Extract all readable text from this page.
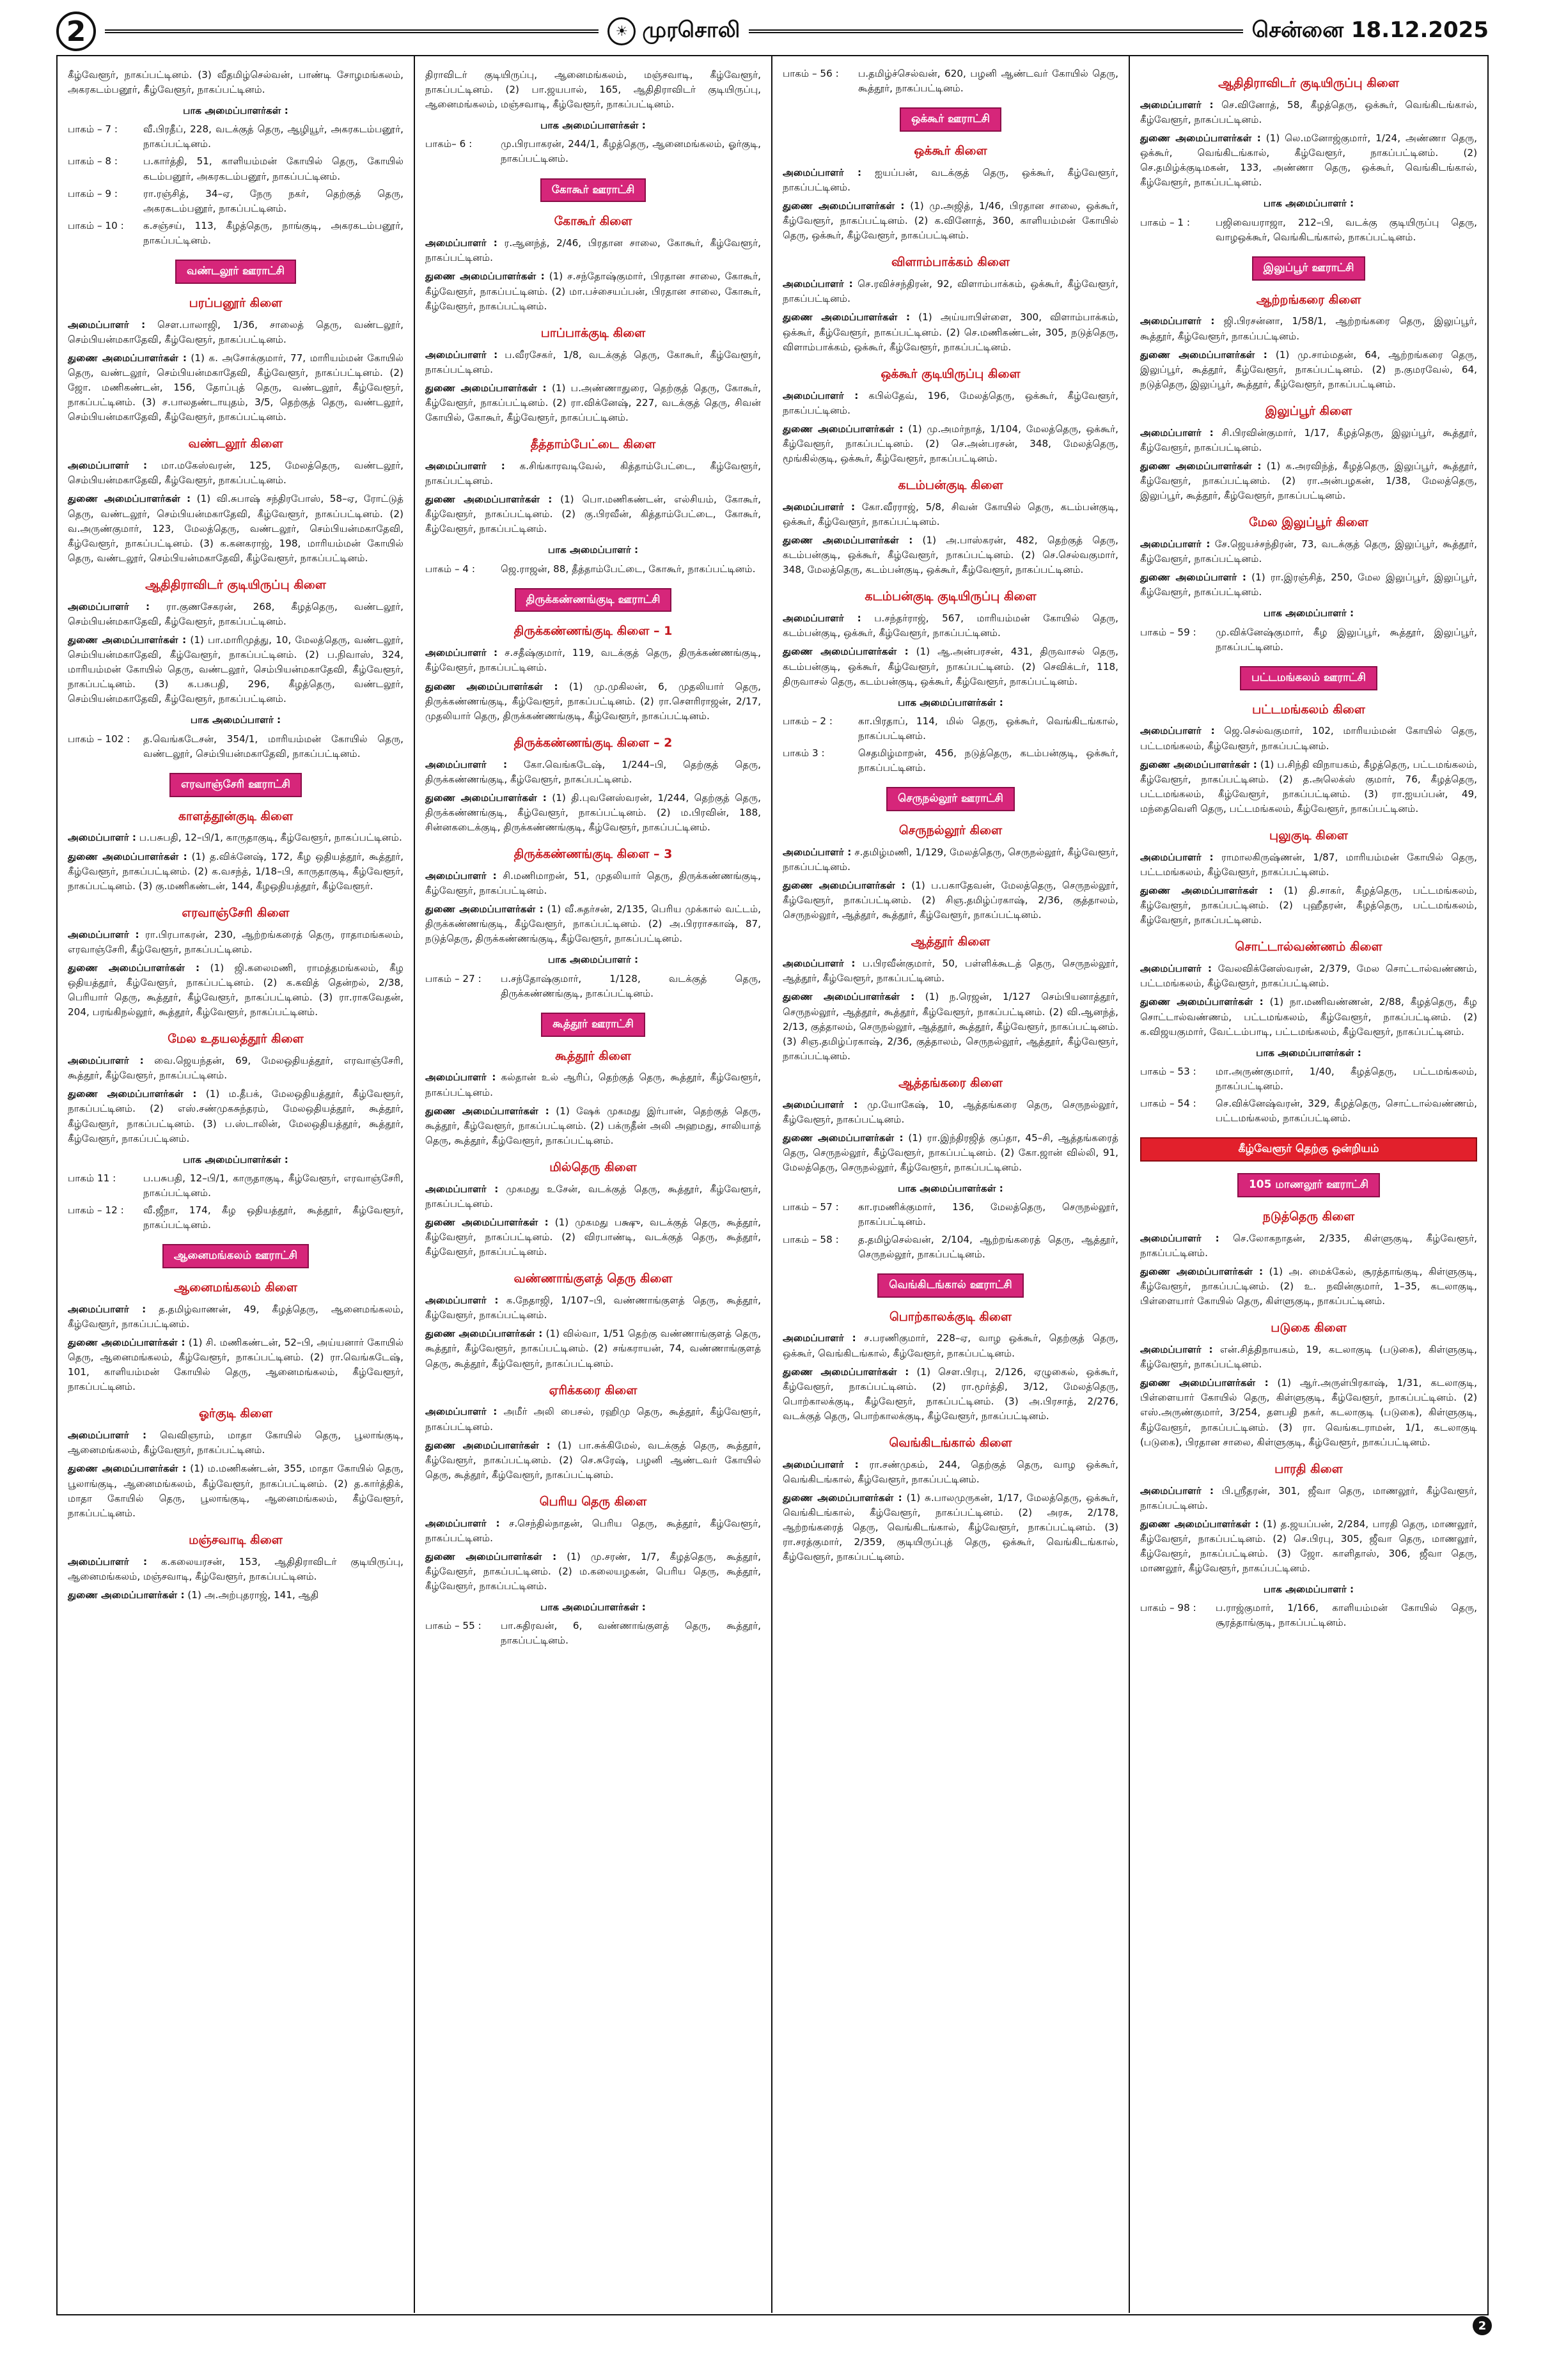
2	☀ முரசொலி	சென்னை 18.12.2025
கீழ்வேளூர், நாகப்பட்டினம். (3) வீதமிழ்செல்வன், பாண்டி சோழமங்கலம், அகரகடம்பனூர், கீழ்வேளூர், நாகப்பட்டினம்.
பாக அமைப்பாளர்கள் :
பாகம் – 7 :	வீ.பிரதீப், 228, வடக்குத் தெரு, ஆழியூர், அகரகடம்பனூர், நாகப்பட்டினம்.
பாகம் – 8 :	ப.கார்த்தி, 51, காளியம்மன் கோயில் தெரு, கோயில் கடம்பனூர், அகரகடம்பனூர், நாகப்பட்டினம்.
பாகம் – 9 :	ரா.ரஞ்சித், 34–ஏ, நேரு நகர், தெற்குத் தெரு, அகரகடம்பனூர், நாகப்பட்டினம்.
பாகம் – 10 :	க.சஞ்சய், 113, கீழத்தெரு, நாங்குடி, அகரகடம்பனூர், நாகப்பட்டினம்.
வண்டலூர் ஊராட்சி
பரப்பனூர் கிளை
அமைப்பாளர் : சௌ.பாலாஜி, 1/36, சாலைத் தெரு, வண்டலூர், செம்பியன்மகாதேவி, கீழ்வேளூர், நாகப்பட்டினம்.
துணை அமைப்பாளர்கள் : (1) க. அசோக்குமார், 77, மாரியம்மன் கோயில் தெரு, வண்டலூர், செம்பியன்மகாதேவி, கீழ்வேளூர், நாகப்பட்டினம். (2) ஜோ. மணிகண்டன், 156, தோப்புத் தெரு, வண்டலூர், கீழ்வேளூர், நாகப்பட்டினம். (3) ச.பாலதண்டாயுதம், 3/5, தெற்குத் தெரு, வண்டலூர், செம்பியன்மகாதேவி, கீழ்வேளூர், நாகப்பட்டினம்.
வண்டலூர் கிளை
அமைப்பாளர் : மா.மகேஸ்வரன், 125, மேலத்தெரு, வண்டலூர், செம்பியன்மகாதேவி, கீழ்வேளூர், நாகப்பட்டினம்.
துணை அமைப்பாளர்கள் : (1) வி.சுபாஷ் சந்திரபோஸ், 58–ஏ, ரோட்டுத் தெரு, வண்டலூர், செம்பியன்மகாதேவி, கீழ்வேளூர், நாகப்பட்டினம். (2) வ.அருண்குமார், 123, மேலத்தெரு, வண்டலூர், செம்பியன்மகாதேவி, கீழ்வேளூர், நாகப்பட்டினம். (3) க.கனகராஜ், 198, மாரியம்மன் கோயில் தெரு, வண்டலூர், செம்பியன்மகாதேவி, கீழ்வேளூர், நாகப்பட்டினம்.
ஆதிதிராவிடர் குடியிருப்பு கிளை
அமைப்பாளர் : ரா.குணசேகரன், 268, கீழத்தெரு, வண்டலூர், செம்பியன்மகாதேவி, கீழ்வேளூர், நாகப்பட்டினம்.
துணை அமைப்பாளர்கள் : (1) பா.மாரிமுத்து, 10, மேலத்தெரு, வண்டலூர், செம்பியன்மகாதேவி, கீழ்வேளூர், நாகப்பட்டினம். (2) ப.நிவாஸ், 324, மாரியம்மன் கோயில் தெரு, வண்டலூர், செம்பியன்மகாதேவி, கீழ்வேளூர், நாகப்பட்டினம். (3) க.பசுபதி, 296, கீழத்தெரு, வண்டலூர், செம்பியன்மகாதேவி, கீழ்வேளூர், நாகப்பட்டினம்.
பாக அமைப்பாளர் :
பாகம் – 102 :	த.வெங்கடேசன், 354/1, மாரியம்மன் கோயில் தெரு, வண்டலூர், செம்பியன்மகாதேவி, நாகப்பட்டினம்.
எரவாஞ்சேரி ஊராட்சி
காளத்தூன்குடி கிளை
அமைப்பாளர் : ப.பசுபதி, 12–பி/1, காருதாகுடி, கீழ்வேளூர், நாகப்பட்டினம்.
துணை அமைப்பாளர்கள் : (1) த.விக்னேஷ், 172, கீழ ஒதியத்தூர், கூத்தூர், கீழ்வேளூர், நாகப்பட்டினம். (2) க.வசந்த், 1/18–பி, காருதாகுடி, கீழ்வேளூர், நாகப்பட்டினம். (3) கு.மணிகண்டன், 144, கீழஒதியத்தூர், கீழ்வேளூர்.
எரவாஞ்சேரி கிளை
அமைப்பாளர் : ரா.பிரபாகரன், 230, ஆற்றங்கரைத் தெரு, ராதாமங்கலம், எரவாஞ்சேரி, கீழ்வேளூர், நாகப்பட்டினம்.
துணை அமைப்பாளர்கள் : (1) ஜி.கலைமணி, ராமத்தமங்கலம், கீழ ஒதியத்தூர், கீழ்வேளூர், நாகப்பட்டினம். (2) க.கவித் தென்றல், 2/38, பெரியார் தெரு, கூத்தூர், கீழ்வேளூர், நாகப்பட்டினம். (3) ரா.ராகவேதன், 204, பரங்கிநல்லூர், கூத்தூர், கீழ்வேளூர், நாகப்பட்டினம்.
மேல உதயலத்தூர் கிளை
அமைப்பாளர் : வை.ஜெயந்தன், 69, மேலஒதியத்தூர், எரவாஞ்சேரி, கூத்தூர், கீழ்வேளூர், நாகப்பட்டினம்.
துணை அமைப்பாளர்கள் : (1) ம.தீபக், மேலஒதியத்தூர், கீழ்வேளூர், நாகப்பட்டினம். (2) எஸ்.சண்முகசுந்தரம், மேலஒதியத்தூர், கூத்தூர், கீழ்வேளூர், நாகப்பட்டினம். (3) ப.ஸ்டாலின், மேலஒதியத்தூர், கூத்தூர், கீழ்வேளூர், நாகப்பட்டினம்.
பாக அமைப்பாளர்கள் :
பாகம் 11 :	ப.பசுபதி, 12–பி/1, காருதாகுடி, கீழ்வேளூர், எரவாஞ்சேரி, நாகப்பட்டினம்.
பாகம் – 12 :	வீ.ஜீநா, 174, கீழ ஒதியத்தூர், கூத்தூர், கீழ்வேளூர், நாகப்பட்டினம்.
ஆனைமங்கலம் ஊராட்சி
ஆனைமங்கலம் கிளை
அமைப்பாளர் : த.தமிழ்வாணன், 49, கீழத்தெரு, ஆனைமங்கலம், கீழ்வேளூர், நாகப்பட்டினம்.
துணை அமைப்பாளர்கள் : (1) சி. மணிகண்டன், 52–பி, அய்யனார் கோயில் தெரு, ஆனைமங்கலம், கீழ்வேளூர், நாகப்பட்டினம். (2) ரா.வெங்கடேஷ், 101, காளியம்மன் கோயில் தெரு, ஆனைமங்கலம், கீழ்வேளூர், நாகப்பட்டினம்.
ஓர்குடி கிளை
அமைப்பாளர் : வெவிஞாம், மாதா கோயில் தெரு, பூலாங்குடி, ஆனைமங்கலம், கீழ்வேளூர், நாகப்பட்டினம்.
துணை அமைப்பாளர்கள் : (1) ம.மணிகண்டன், 355, மாதா கோயில் தெரு, பூலாங்குடி, ஆனைமங்கலம், கீழ்வேளூர், நாகப்பட்டினம். (2) த.கார்த்திக், மாதா கோயில் தெரு, பூலாங்குடி, ஆனைமங்கலம், கீழ்வேளூர், நாகப்பட்டினம்.
மஞ்சவாடி கிளை
அமைப்பாளர் : க.கலையரசன், 153, ஆதிதிராவிடர் குடியிருப்பு, ஆனைமங்கலம், மஞ்சவாடி, கீழ்வேளூர், நாகப்பட்டினம்.
துணை அமைப்பாளர்கள் : (1) அ.அற்புதராஜ், 141, ஆதி
திராவிடர் குடியிருப்பு, ஆனைமங்கலம், மஞ்சவாடி, கீழ்வேளூர், நாகப்பட்டினம். (2) பா.ஜயபால், 165, ஆதிதிராவிடர் குடியிருப்பு, ஆனைமங்கலம், மஞ்சவாடி, கீழ்வேளூர், நாகப்பட்டினம்.
பாக அமைப்பாளர்கள் :
பாகம்– 6 :	மு.பிரபாகரன், 244/1, கீழத்தெரு, ஆனைமங்கலம், ஓர்குடி, நாகப்பட்டினம்.
கோகூர் ஊராட்சி
கோகூர் கிளை
அமைப்பாளர் : ர.ஆனந்த், 2/46, பிரதான சாலை, கோகூர், கீழ்வேளூர், நாகப்பட்டினம்.
துணை அமைப்பாளர்கள் : (1) ச.சந்தோஷ்குமார், பிரதான சாலை, கோகூர், கீழ்வேளூர், நாகப்பட்டினம். (2) மா.பச்சையப்பன், பிரதான சாலை, கோகூர், கீழ்வேளூர், நாகப்பட்டினம்.
பாப்பாக்குடி கிளை
அமைப்பாளர் : ப.வீரசேகர், 1/8, வடக்குத் தெரு, கோகூர், கீழ்வேளூர், நாகப்பட்டினம்.
துணை அமைப்பாளர்கள் : (1) ப.அண்ணாதுரை, தெற்குத் தெரு, கோகூர், கீழ்வேளூர், நாகப்பட்டினம். (2) ரா.விக்னேஷ், 227, வடக்குத் தெரு, சிவன் கோயில், கோகூர், கீழ்வேளூர், நாகப்பட்டினம்.
தீத்தாம்பேட்டை கிளை
அமைப்பாளர் : க.சிங்காரவடிவேல், கித்தாம்பேட்டை, கீழ்வேளூர், நாகப்பட்டினம்.
துணை அமைப்பாளர்கள் : (1) பொ.மணிகண்டன், எல்சியம், கோகூர், கீழ்வேளூர், நாகப்பட்டினம். (2) கு.பிரவீன், கித்தாம்பேட்டை, கோகூர், கீழ்வேளூர், நாகப்பட்டினம்.
பாக அமைப்பாளர் :
பாகம் – 4 :	ஜெ.ராஜன், 88, தீத்தாம்பேட்டை, கோகூர், நாகப்பட்டினம்.
திருக்கண்ணங்குடி ஊராட்சி
திருக்கண்ணங்குடி கிளை – 1
அமைப்பாளர் : ச.சதீஷ்குமார், 119, வடக்குத் தெரு, திருக்கண்ணங்குடி, கீழ்வேளூர், நாகப்பட்டினம்.
துணை அமைப்பாளர்கள் : (1) மு.முகிலன், 6, முதலியார் தெரு, திருக்கண்ணங்குடி, கீழ்வேளூர், நாகப்பட்டினம். (2) ரா.சௌரிராஜன், 2/17, முதலியார் தெரு, திருக்கண்ணங்குடி, கீழ்வேளூர், நாகப்பட்டினம்.
திருக்கண்ணங்குடி கிளை – 2
அமைப்பாளர் : கோ.வெங்கடேஷ், 1/244–பி, தெற்குத் தெரு, திருக்கண்ணங்குடி, கீழ்வேளூர், நாகப்பட்டினம்.
துணை அமைப்பாளர்கள் : (1) தி.புவனேஸ்வரன், 1/244, தெற்குத் தெரு, திருக்கண்ணங்குடி, கீழ்வேளூர், நாகப்பட்டினம். (2) ம.பிரவின், 188, சின்னகடைக்குடி, திருக்கண்ணங்குடி, கீழ்வேளூர், நாகப்பட்டினம்.
திருக்கண்ணங்குடி கிளை – 3
அமைப்பாளர் : சி.மணிமாறன், 51, முதலியார் தெரு, திருக்கண்ணங்குடி, கீழ்வேளூர், நாகப்பட்டினம்.
துணை அமைப்பாளர்கள் : (1) வீ.சுதர்சன், 2/135, பெரிய முக்கால் வட்டம், திருக்கண்ணங்குடி, கீழ்வேளூர், நாகப்பட்டினம். (2) அ.பிரராசகாஷ், 87, நடுத்தெரு, திருக்கண்ணங்குடி, கீழ்வேளூர், நாகப்பட்டினம்.
பாக அமைப்பாளர் :
பாகம் – 27 :	ப.சந்தோஷ்குமார், 1/128, வடக்குத் தெரு, திருக்கண்ணங்குடி, நாகப்பட்டினம்.
கூத்தூர் ஊராட்சி
கூத்தூர் கிளை
அமைப்பாளர் : கல்தான் உல் ஆரிப், தெற்குத் தெரு, கூத்தூர், கீழ்வேளூர், நாகப்பட்டினம்.
துணை அமைப்பாளர்கள் : (1) ஷேக் முகமது இர்பான், தெற்குத் தெரு, கூத்தூர், கீழ்வேளூர், நாகப்பட்டினம். (2) பக்ருதீன் அலி அஹமது, சாலியாத் தெரு, கூத்தூர், கீழ்வேளூர், நாகப்பட்டினம்.
மில்தெரு கிளை
அமைப்பாளர் : முகமது உசேன், வடக்குத் தெரு, கூத்தூர், கீழ்வேளூர், நாகப்பட்டினம்.
துணை அமைப்பாளர்கள் : (1) முகமது பக்ஷு, வடக்குத் தெரு, கூத்தூர், கீழ்வேளூர், நாகப்பட்டினம். (2) விரபாண்டி, வடக்குத் தெரு, கூத்தூர், கீழ்வேளூர், நாகப்பட்டினம்.
வண்ணாங்குளத் தெரு கிளை
அமைப்பாளர் : க.நேதாஜி, 1/107–பி, வண்ணாங்குளத் தெரு, கூத்தூர், கீழ்வேளூர், நாகப்பட்டினம்.
துணை அமைப்பாளர்கள் : (1) வில்வா, 1/51 தெற்கு வண்ணாங்குளத் தெரு, கூத்தூர், கீழ்வேளூர், நாகப்பட்டினம். (2) சங்கராயன், 74, வண்ணாங்குளத் தெரு, கூத்தூர், கீழ்வேளூர், நாகப்பட்டினம்.
ஏரிக்கரை கிளை
அமைப்பாளர் : அமீர் அலி பைசல், ரஹிமு தெரு, கூத்தூர், கீழ்வேளூர், நாகப்பட்டினம்.
துணை அமைப்பாளர்கள் : (1) பா.சுக்கிமேல், வடக்குத் தெரு, கூத்தூர், கீழ்வேளூர், நாகப்பட்டினம். (2) செ.சுரேஷ், பழனி ஆண்டவர் கோயில் தெரு, கூத்தூர், கீழ்வேளூர், நாகப்பட்டினம்.
பெரிய தெரு கிளை
அமைப்பாளர் : ச.செந்தில்நாதன், பெரிய தெரு, கூத்தூர், கீழ்வேளூர், நாகப்பட்டினம்.
துணை அமைப்பாளர்கள் : (1) மு.சரண், 1/7, கீழத்தெரு, கூத்தூர், கீழ்வேளூர், நாகப்பட்டினம். (2) ம.கலையழகன், பெரிய தெரு, கூத்தூர், கீழ்வேளூர், நாகப்பட்டினம்.
பாக அமைப்பாளர்கள் :
பாகம் – 55 :	பா.சுதிரவன், 6, வண்ணாங்குளத் தெரு, கூத்தூர், நாகப்பட்டினம்.
பாகம் – 56 :	ப.தமிழ்ச்செல்வன், 620, பழனி ஆண்டவர் கோயில் தெரு, கூத்தூர், நாகப்பட்டினம்.
ஒக்கூர் ஊராட்சி
ஒக்கூர் கிளை
அமைப்பாளர் : ஐயப்பன், வடக்குத் தெரு, ஒக்கூர், கீழ்வேளூர், நாகப்பட்டினம்.
துணை அமைப்பாளர்கள் : (1) மு.அஜித், 1/46, பிரதான சாலை, ஒக்கூர், கீழ்வேளூர், நாகப்பட்டினம். (2) க.வினோத், 360, காளியம்மன் கோயில் தெரு, ஒக்கூர், கீழ்வேளூர், நாகப்பட்டினம்.
விளாம்பாக்கம் கிளை
அமைப்பாளர் : செ.ரவிச்சந்திரன், 92, விளாம்பாக்கம், ஒக்கூர், கீழ்வேளூர், நாகப்பட்டினம்.
துணை அமைப்பாளர்கள் : (1) அய்யாபிள்ளை, 300, விளாம்பாக்கம், ஒக்கூர், கீழ்வேளூர், நாகப்பட்டினம். (2) செ.மணிகண்டன், 305, நடுத்தெரு, விளாம்பாக்கம், ஒக்கூர், கீழ்வேளூர், நாகப்பட்டினம்.
ஒக்கூர் குடியிருப்பு கிளை
அமைப்பாளர் : கபில்தேவ், 196, மேலத்தெரு, ஒக்கூர், கீழ்வேளூர், நாகப்பட்டினம்.
துணை அமைப்பாளர்கள் : (1) மு.அமர்நாத், 1/104, மேலத்தெரு, ஒக்கூர், கீழ்வேளூர், நாகப்பட்டினம். (2) செ.அன்பரசன், 348, மேலத்தெரு, மூங்கில்குடி, ஒக்கூர், கீழ்வேளூர், நாகப்பட்டினம்.
கடம்பன்குடி கிளை
அமைப்பாளர் : கோ.வீரராஜ், 5/8, சிவன் கோயில் தெரு, கடம்பன்குடி, ஒக்கூர், கீழ்வேளூர், நாகப்பட்டினம்.
துணை அமைப்பாளர்கள் : (1) அ.பாஸ்கரன், 482, தெற்குத் தெரு, கடம்பன்குடி, ஒக்கூர், கீழ்வேளூர், நாகப்பட்டினம். (2) செ.செல்வகுமார், 348, மேலத்தெரு, கடம்பன்குடி, ஒக்கூர், கீழ்வேளூர், நாகப்பட்டினம்.
கடம்பன்குடி குடியிருப்பு கிளை
அமைப்பாளர் : ப.சந்தர்ராஜ், 567, மாரியம்மன் கோயில் தெரு, கடம்பன்குடி, ஒக்கூர், கீழ்வேளூர், நாகப்பட்டினம்.
துணை அமைப்பாளர்கள் : (1) ஆ.அன்பரசன், 431, திருவாசல் தெரு, கடம்பன்குடி, ஒக்கூர், கீழ்வேளூர், நாகப்பட்டினம். (2) செவிக்டர், 118, திருவாசல் தெரு, கடம்பன்குடி, ஒக்கூர், கீழ்வேளூர், நாகப்பட்டினம்.
பாக அமைப்பாளர்கள் :
பாகம் – 2 :	கா.பிரதாப், 114, மில் தெரு, ஒக்கூர், வெங்கிடங்கால், நாகப்பட்டினம்.
பாகம் 3 :	செதமிழ்மாறன், 456, நடுத்தெரு, கடம்பன்குடி, ஒக்கூர், நாகப்பட்டினம்.
செருநல்லூர் ஊராட்சி
செருநல்லூர் கிளை
அமைப்பாளர் : ச.தமிழ்மணி, 1/129, மேலத்தெரு, செருநல்லூர், கீழ்வேளூர், நாகப்பட்டினம்.
துணை அமைப்பாளர்கள் : (1) ப.பகாதேவன், மேலத்தெரு, செருநல்லூர், கீழ்வேளூர், நாகப்பட்டினம். (2) சிஞ.தமிழ்ப்ரகாஷ், 2/36, குத்தாலம், செருநல்லூர், ஆத்தூர், கூத்தூர், கீழ்வேளூர், நாகப்பட்டினம்.
ஆத்தூர் கிளை
அமைப்பாளர் : ப.பிரவீன்குமார், 50, பள்ளிக்கூடத் தெரு, செருநல்லூர், ஆத்தூர், கீழ்வேளூர், நாகப்பட்டினம்.
துணை அமைப்பாளர்கள் : (1) ந.ரெஜன், 1/127 செம்பியனாத்தூர், செருநல்லூர், ஆத்தூர், கூத்தூர், கீழ்வேளூர், நாகப்பட்டினம். (2) வி.ஆனந்த், 2/13, குத்தாலம், செருநல்லூர், ஆத்தூர், கூத்தூர், கீழ்வேளூர், நாகப்பட்டினம். (3) சிஞ.தமிழ்ப்ரகாஷ், 2/36, குத்தாலம், செருநல்லூர், ஆத்தூர், கீழ்வேளூர், நாகப்பட்டினம்.
ஆத்தங்கரை கிளை
அமைப்பாளர் : மு.யோகேஷ், 10, ஆத்தங்கரை தெரு, செருநல்லூர், கீழ்வேளூர், நாகப்பட்டினம்.
துணை அமைப்பாளர்கள் : (1) ரா.இந்திரஜித் குப்தா, 45–சி, ஆத்தங்கரைத் தெரு, செருநல்லூர், கீழ்வேளூர், நாகப்பட்டினம். (2) கோ.ஜான் வில்லி, 91, மேலத்தெரு, செருநல்லூர், கீழ்வேளூர், நாகப்பட்டினம்.
பாக அமைப்பாளர்கள் :
பாகம் – 57 :	கா.ரமணிக்குமார், 136, மேலத்தெரு, செருநல்லூர், நாகப்பட்டினம்.
பாகம் – 58 :	த.தமிழ்செல்வன், 2/104, ஆற்றங்கரைத் தெரு, ஆத்தூர், செருநல்லூர், நாகப்பட்டினம்.
வெங்கிடங்கால் ஊராட்சி
பொற்காலக்குடி கிளை
அமைப்பாளர் : ச.பரணிகுமார், 228–ஏ, வாழ ஒக்கூர், தெற்குத் தெரு, ஒக்கூர், வெங்கிடங்கால், கீழ்வேளூர், நாகப்பட்டினம்.
துணை அமைப்பாளர்கள் : (1) சௌ.பிரபு, 2/126, ஏழுகைல், ஒக்கூர், கீழ்வேளூர், நாகப்பட்டினம். (2) ரா.மூர்த்தி, 3/12, மேலத்தெரு, பொற்காலக்குடி, கீழ்வேளூர், நாகப்பட்டினம். (3) அ.பிரசாத், 2/276, வடக்குத் தெரு, பொற்காலக்குடி, கீழ்வேளூர், நாகப்பட்டினம்.
வெங்கிடங்கால் கிளை
அமைப்பாளர் : ரா.சண்முகம், 244, தெற்குத் தெரு, வாழ ஒக்கூர், வெங்கிடங்கால், கீழ்வேளூர், நாகப்பட்டினம்.
துணை அமைப்பாளர்கள் : (1) சு.பாலமுருகன், 1/17, மேலத்தெரு, ஒக்கூர், வெங்கிடங்கால், கீழ்வேளூர், நாகப்பட்டினம். (2) அரசு, 2/178, ஆற்றங்கரைத் தெரு, வெங்கிடங்கால், கீழ்வேளூர், நாகப்பட்டினம். (3) ரா.சரத்குமார், 2/359, குடியிருப்புத் தெரு, ஒக்கூர், வெங்கிடங்கால், கீழ்வேளூர், நாகப்பட்டினம்.
ஆதிதிராவிடர் குடியிருப்பு கிளை
அமைப்பாளர் : செ.வினோத், 58, கீழத்தெரு, ஒக்கூர், வெங்கிடங்கால், கீழ்வேளூர், நாகப்பட்டினம்.
துணை அமைப்பாளர்கள் : (1) லெ.மனோஜ்குமார், 1/24, அண்ணா தெரு, ஒக்கூர், வெங்கிடங்கால், கீழ்வேளூர், நாகப்பட்டினம். (2) செ.தமிழ்க்குடிமகன், 133, அண்ணா தெரு, ஒக்கூர், வெங்கிடங்கால், கீழ்வேளூர், நாகப்பட்டினம்.
பாக அமைப்பாளர் :
பாகம் – 1 :	பஜிவையராஜா, 212–பி, வடக்கு குடியிருப்பு தெரு, வாழஒக்கூர், வெங்கிடங்கால், நாகப்பட்டினம்.
இலுப்பூர் ஊராட்சி
ஆற்றங்கரை கிளை
அமைப்பாளர் : ஜி.பிரசன்னா, 1/58/1, ஆற்றங்கரை தெரு, இலுப்பூர், கூத்தூர், கீழ்வேளூர், நாகப்பட்டினம்.
துணை அமைப்பாளர்கள் : (1) மு.சாம்மதன், 64, ஆற்றங்கரை தெரு, இலுப்பூர், கூத்தூர், கீழ்வேளூர், நாகப்பட்டினம். (2) ந.குமரவேல், 64, நடுத்தெரு, இலுப்பூர், கூத்தூர், கீழ்வேளூர், நாகப்பட்டினம்.
இலுப்பூர் கிளை
அமைப்பாளர் : சி.பிரவின்குமார், 1/17, கீழத்தெரு, இலுப்பூர், கூத்தூர், கீழ்வேளூர், நாகப்பட்டினம்.
துணை அமைப்பாளர்கள் : (1) க.அரவிந்த், கீழத்தெரு, இலுப்பூர், கூத்தூர், கீழ்வேளூர், நாகப்பட்டினம். (2) ரா.அன்பழகன், 1/38, மேலத்தெரு, இலுப்பூர், கூத்தூர், கீழ்வேளூர், நாகப்பட்டினம்.
மேல இலுப்பூர் கிளை
அமைப்பாளர் : சே.ஜெயச்சந்திரன், 73, வடக்குத் தெரு, இலுப்பூர், கூத்தூர், கீழ்வேளூர், நாகப்பட்டினம்.
துணை அமைப்பாளர் : (1) ரா.இரஞ்சித், 250, மேல இலுப்பூர், இலுப்பூர், கீழ்வேளூர், நாகப்பட்டினம்.
பாக அமைப்பாளர் :
பாகம் – 59 :	மு.விக்னேஷ்குமார், கீழ இலுப்பூர், கூத்தூர், இலுப்பூர், நாகப்பட்டினம்.
பட்டமங்கலம் ஊராட்சி
பட்டமங்கலம் கிளை
அமைப்பாளர் : ஜெ.செல்வகுமார், 102, மாரியம்மன் கோயில் தெரு, பட்டமங்கலம், கீழ்வேளூர், நாகப்பட்டினம்.
துணை அமைப்பாளர்கள் : (1) ப.சிந்தி விநாயகம், கீழத்தெரு, பட்டமங்கலம், கீழ்வேளூர், நாகப்பட்டினம். (2) த.அலெக்ஸ் குமார், 76, கீழத்தெரு, பட்டமங்கலம், கீழ்வேளூர், நாகப்பட்டினம். (3) ரா.ஐயப்பன், 49, மந்தைவெளி தெரு, பட்டமங்கலம், கீழ்வேளூர், நாகப்பட்டினம்.
புலுகுடி கிளை
அமைப்பாளர் : ராமாலகிருஷ்ணன், 1/87, மாரியம்மன் கோயில் தெரு, பட்டமங்கலம், கீழ்வேளூர், நாகப்பட்டினம்.
துணை அமைப்பாளர்கள் : (1) தி.சாகர், கீழத்தெரு, பட்டமங்கலம், கீழ்வேளூர், நாகப்பட்டினம். (2) புஹீதரன், கீழத்தெரு, பட்டமங்கலம், கீழ்வேளூர், நாகப்பட்டினம்.
சொட்டால்வண்ணம் கிளை
அமைப்பாளர் : வேலவிக்னேஸ்வரன், 2/379, மேல சொட்டால்வண்ணம், பட்டமங்கலம், கீழ்வேளூர், நாகப்பட்டினம்.
துணை அமைப்பாளர்கள் : (1) நா.மணிவண்ணன், 2/88, கீழத்தெரு, கீழ சொட்டால்வண்ணம், பட்டமங்கலம், கீழ்வேளூர், நாகப்பட்டினம். (2) க.விஜயகுமார், வேட்டம்பாடி, பட்டமங்கலம், கீழ்வேளூர், நாகப்பட்டினம்.
பாக அமைப்பாளர்கள் :
பாகம் – 53 :	மா.அருண்குமார், 1/40, கீழத்தெரு, பட்டமங்கலம், நாகப்பட்டினம்.
பாகம் – 54 :	செ.விக்னேஷ்வரன், 329, கீழத்தெரு, சொட்டால்வண்ணம், பட்டமங்கலம், நாகப்பட்டினம்.
கீழ்வேளூர் தெற்கு ஒன்றியம்
105 மாணலூர் ஊராட்சி
நடுத்தெரு கிளை
அமைப்பாளர் : செ.லோகநாதன், 2/335, கிள்ளுகுடி, கீழ்வேளூர், நாகப்பட்டினம்.
துணை அமைப்பாளர்கள் : (1) அ. மைக்கேல், சூரத்தாங்குடி, கிள்ளுகுடி, கீழ்வேளூர், நாகப்பட்டினம். (2) உ. நவின்குமார், 1–35, கடலாகுடி, பிள்ளையார் கோயில் தெரு, கிள்ளுகுடி, நாகப்பட்டினம்.
படுகை கிளை
அமைப்பாளர் : என்.சித்திநாயகம், 19, கடலாகுடி (படுகை), கிள்ளுகுடி, கீழ்வேளூர், நாகப்பட்டினம்.
துணை அமைப்பாளர்கள் : (1) ஆர்.அருள்பிரகாஷ், 1/31, கடலாகுடி, பிள்ளையார் கோயில் தெரு, கிள்ளுகுடி, கீழ்வேளூர், நாகப்பட்டினம். (2) எஸ்.அருண்குமார், 3/254, தளபதி நகர், கடலாகுடி (படுகை), கிள்ளுகுடி, கீழ்வேளூர், நாகப்பட்டினம். (3) ரா. வெங்கடராமன், 1/1, கடலாகுடி (படுகை), பிரதான சாலை, கிள்ளுகுடி, கீழ்வேளூர், நாகப்பட்டினம்.
பாரதி கிளை
அமைப்பாளர் : பி.ஸ்ரீதரன், 301, ஜீவா தெரு, மாணலூர், கீழ்வேளூர், நாகப்பட்டினம்.
துணை அமைப்பாளர்கள் : (1) த.ஜயப்பன், 2/284, பாரதி தெரு, மாணலூர், கீழ்வேளூர், நாகப்பட்டினம். (2) செ.பிரபு, 305, ஜீவா தெரு, மாணலூர், கீழ்வேளூர், நாகப்பட்டினம். (3) ஜோ. காளிதாஸ், 306, ஜீவா தெரு, மாணலூர், கீழ்வேளூர், நாகப்பட்டினம்.
பாக அமைப்பாளர் :
பாகம் – 98 :	ப.ராஜ்குமார், 1/166, காளியம்மன் கோயில் தெரு, சூரத்தாங்குடி, நாகப்பட்டினம்.
2
